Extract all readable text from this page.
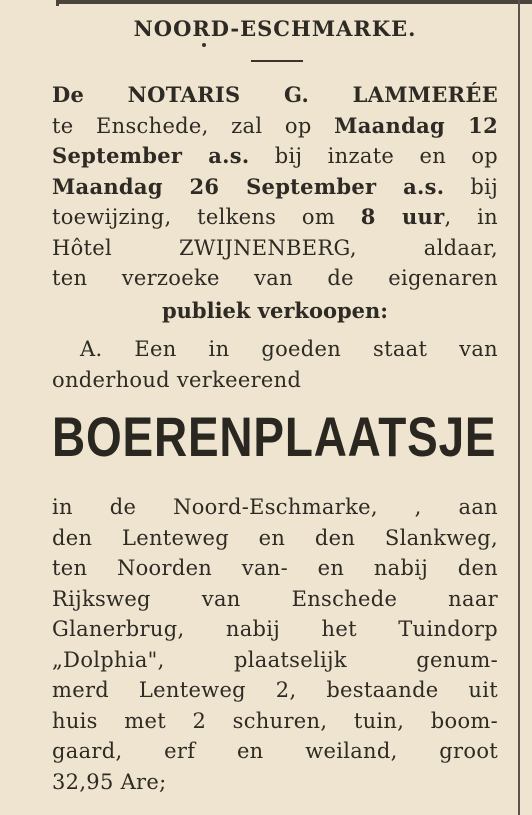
NOORD-ESCHMARKE.
De NOTARIS G. LAMMERÉE
te Enschede, zal op Maandag 12
September a.s. bij inzate en op
Maandag 26 September a.s. bij
toewijzing, telkens om 8 uur, in
Hôtel ZWIJNENBERG, aldaar,
ten verzoeke van de eigenaren
publiek verkoopen:
A. Een in goeden staat van
onderhoud verkeerend
BOERENPLAATSJE
in de Noord-Eschmarke, , aan
den Lenteweg en den Slankweg,
ten Noorden van- en nabij den
Rijksweg van Enschede naar
Glanerbrug, nabij het Tuindorp
„Dolphia", plaatselijk genum-
merd Lenteweg 2, bestaande uit
huis met 2 schuren, tuin, boom-
gaard, erf en weiland, groot
32,95 Are;
